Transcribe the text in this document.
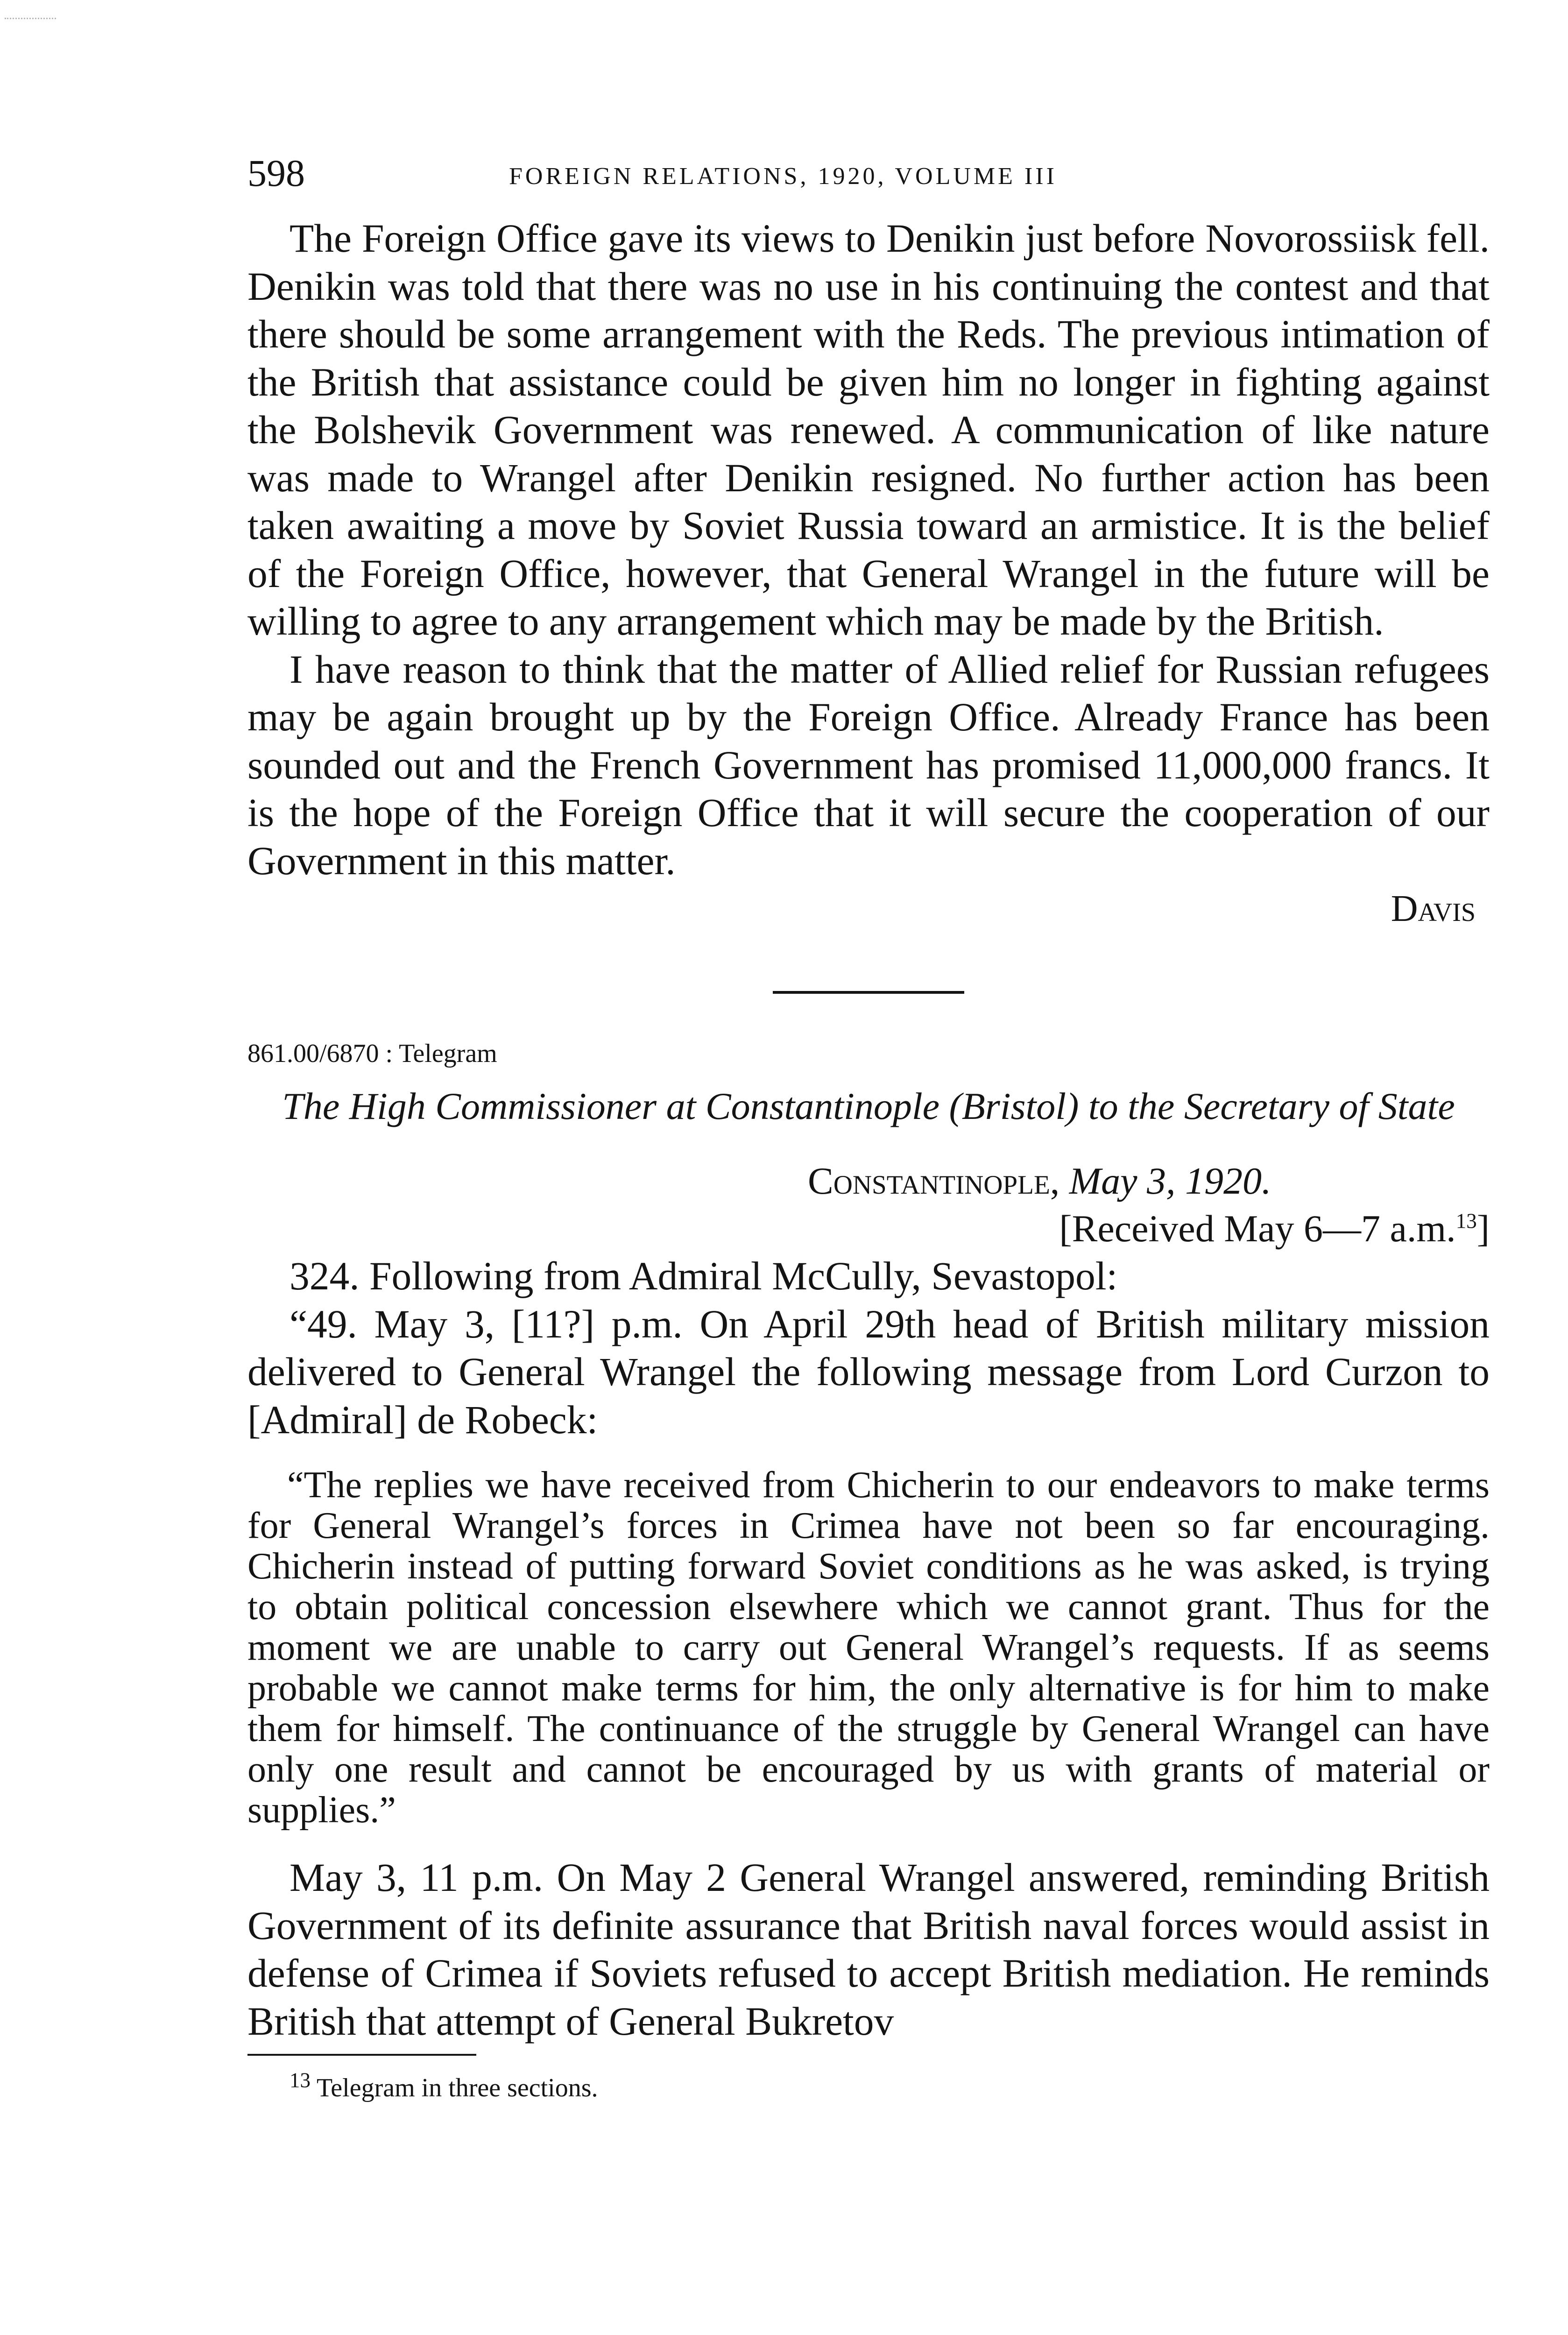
598	FOREIGN RELATIONS, 1920, VOLUME III

The Foreign Office gave its views to Denikin just before Novorossiisk fell. Denikin was told that there was no use in his continuing the contest and that there should be some arrangement with the Reds. The previous intimation of the British that assistance could be given him no longer in fighting against the Bolshevik Government was renewed. A communication of like nature was made to Wrangel after Denikin resigned. No further action has been taken awaiting a move by Soviet Russia toward an armistice. It is the belief of the Foreign Office, however, that General Wrangel in the future will be willing to agree to any arrangement which may be made by the British.

I have reason to think that the matter of Allied relief for Russian refugees may be again brought up by the Foreign Office. Already France has been sounded out and the French Government has promised 11,000,000 francs. It is the hope of the Foreign Office that it will secure the cooperation of our Government in this matter.

Davis
861.00/6870 : Telegram
The High Commissioner at Constantinople (Bristol) to the Secretary of State
Constantinople, May 3, 1920.
[Received May 6—7 a.m.$^{13}$]

324. Following from Admiral McCully, Sevastopol:

“49. May 3, [11?] p.m. On April 29th head of British military mission delivered to General Wrangel the following message from Lord Curzon to [Admiral] de Robeck:

“The replies we have received from Chicherin to our endeavors to make terms for General Wrangel’s forces in Crimea have not been so far encouraging. Chicherin instead of putting forward Soviet conditions as he was asked, is trying to obtain political concession elsewhere which we cannot grant. Thus for the moment we are unable to carry out General Wrangel’s requests. If as seems probable we cannot make terms for him, the only alternative is for him to make them for himself. The continuance of the struggle by General Wrangel can have only one result and cannot be encouraged by us with grants of material or supplies.”

May 3, 11 p.m. On May 2 General Wrangel answered, reminding British Government of its definite assurance that British naval forces would assist in defense of Crimea if Soviets refused to accept British mediation. He reminds British that attempt of General Bukretov

$^{13}$ Telegram in three sections.
